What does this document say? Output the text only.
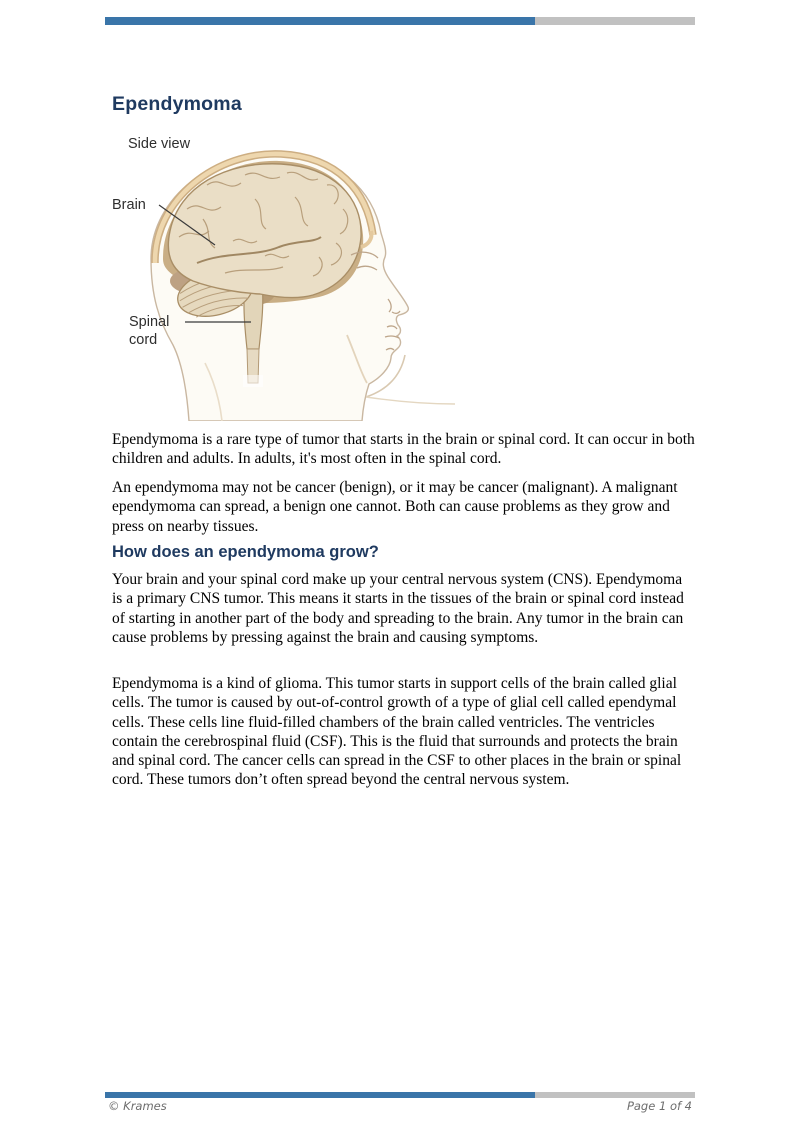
Ependymoma
Side view
Brain
Spinal cord

Ependymoma is a rare type of tumor that starts in the brain or spinal cord. It can occur in both children and adults. In adults, it's most often in the spinal cord.

An ependymoma may not be cancer (benign), or it may be cancer (malignant). A malignant ependymoma can spread, a benign one cannot. Both can cause problems as they grow and press on nearby tissues.

How does an ependymoma grow?

Your brain and your spinal cord make up your central nervous system (CNS). Ependymoma is a primary CNS tumor. This means it starts in the tissues of the brain or spinal cord instead of starting in another part of the body and spreading to the brain. Any tumor in the brain can cause problems by pressing against the brain and causing symptoms.

Ependymoma is a kind of glioma. This tumor starts in support cells of the brain called glial cells. The tumor is caused by out-of-control growth of a type of glial cell called ependymal cells. These cells line fluid-filled chambers of the brain called ventricles. The ventricles contain the cerebrospinal fluid (CSF). This is the fluid that surrounds and protects the brain and spinal cord. The cancer cells can spread in the CSF to other places in the brain or spinal cord. These tumors don’t often spread beyond the central nervous system.

© Krames	Page 1 of 4
